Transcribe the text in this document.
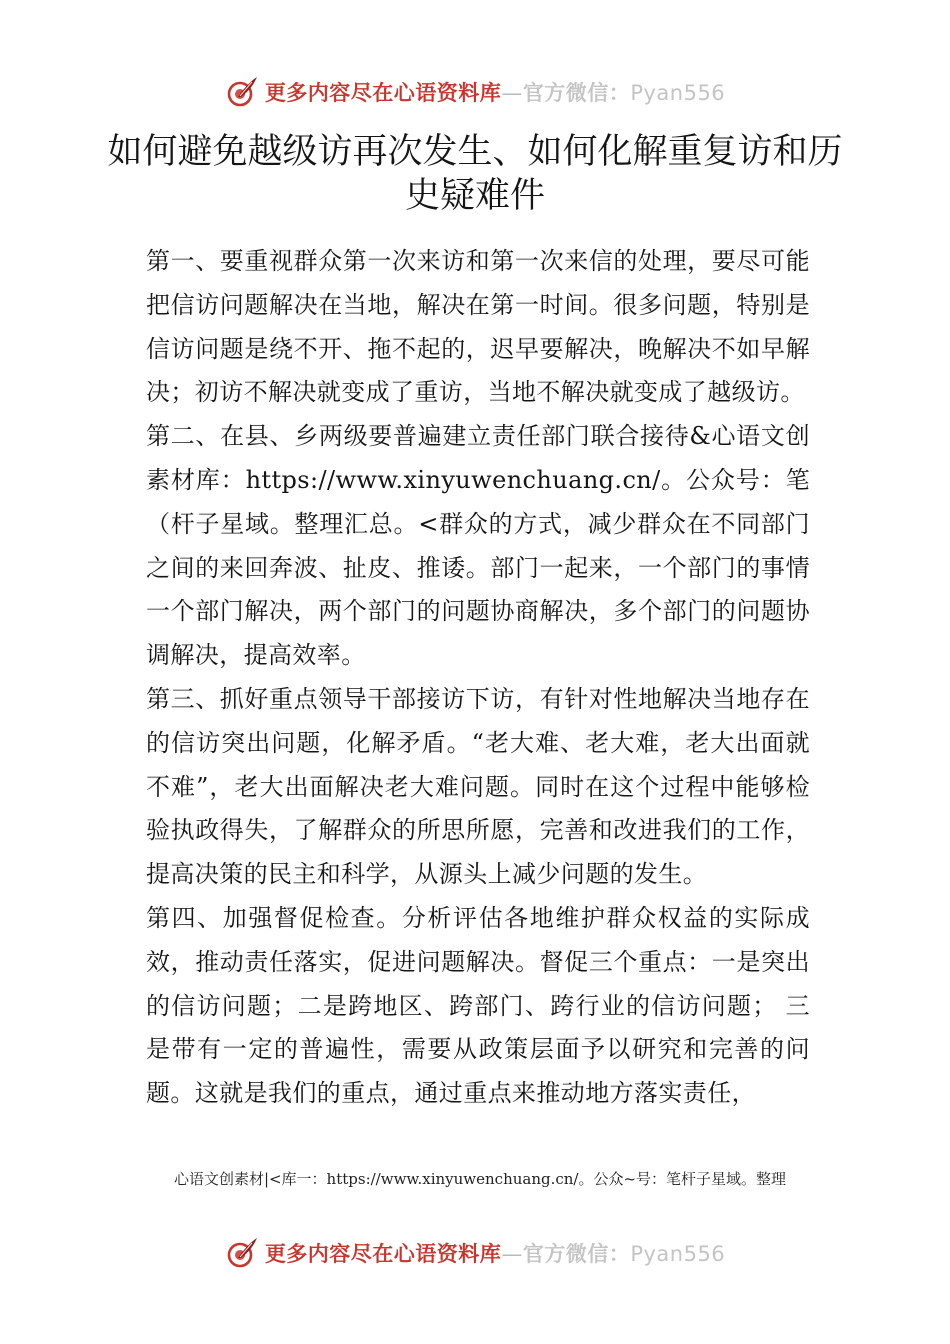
更多内容尽在心语资料库—官方微信：Pyan556
如何避免越级访再次发生、如何化解重复访和历史疑难件

第一、要重视群众第一次来访和第一次来信的处理，要尽可能把信访问题解决在当地，解决在第一时间。很多问题，特别是信访问题是绕不开、拖不起的，迟早要解决，晚解决不如早解决；初访不解决就变成了重访，当地不解决就变成了越级访。

第二、在县、乡两级要普遍建立责任部门联合接待&心语文创素材库：https://www.xinyuwenchuang.cn/。公众号：笔（杆子星域。整理汇总。<群众的方式，减少群众在不同部门之间的来回奔波、扯皮、推诿。部门一起来，一个部门的事情一个部门解决，两个部门的问题协商解决，多个部门的问题协调解决，提高效率。

第三、抓好重点领导干部接访下访，有针对性地解决当地存在的信访突出问题，化解矛盾。“老大难、老大难，老大出面就不难”，老大出面解决老大难问题。同时在这个过程中能够检验执政得失，了解群众的所思所愿，完善和改进我们的工作，提高决策的民主和科学，从源头上减少问题的发生。

第四、加强督促检查。分析评估各地维护群众权益的实际成效，推动责任落实，促进问题解决。督促三个重点：一是突出的信访问题；二是跨地区、跨部门、跨行业的信访问题； 三是带有一定的普遍性，需要从政策层面予以研究和完善的问题。这就是我们的重点，通过重点来推动地方落实责任，

心语文创素材|<库一：https://www.xinyuwenchuang.cn/。公众~号：笔杆子星域。整理
更多内容尽在心语资料库—官方微信：Pyan556
